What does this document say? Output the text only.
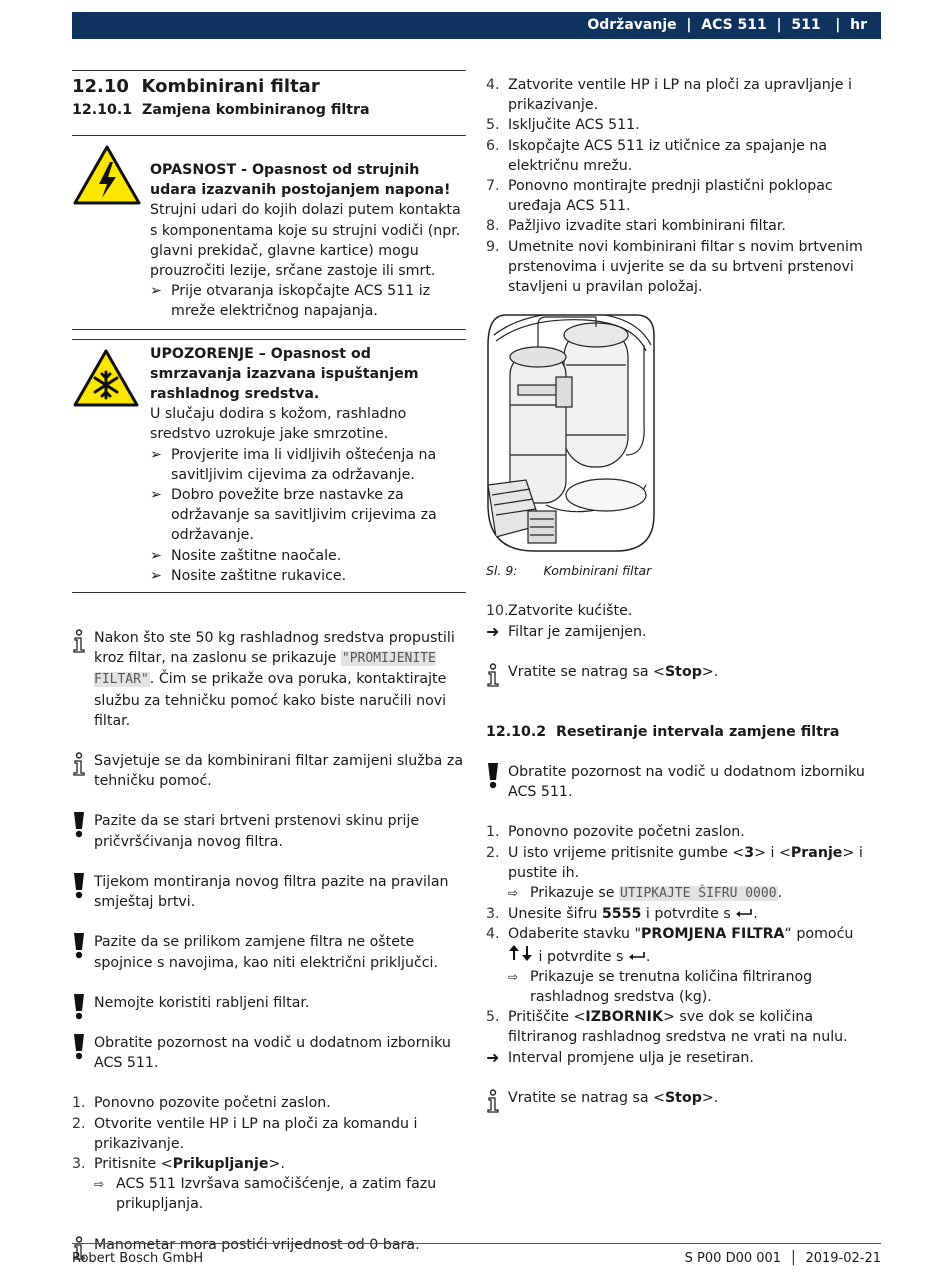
Održavanje  |  ACS 511  |  511   |  hr
12.10 Kombinirani filtar
12.10.1 Zamjena kombiniranog filtra
OPASNOST - Opasnost od strujnih udara izazvanih postojanjem napona!
Strujni udari do kojih dolazi putem kontakta s komponentama koje su strujni vodiči (npr. glavni prekidač, glavne kartice) mogu prouzročiti lezije, srčane zastoje ili smrt.
➢ Prije otvaranja iskopčajte ACS 511 iz mreže električnog napajanja.
UPOZORENJE – Opasnost od smrzavanja izazvana ispuštanjem rashladnog sredstva.
U slučaju dodira s kožom, rashladno sredstvo uzrokuje jake smrzotine.
➢ Provjerite ima li vidljivih oštećenja na savitljivim cijevima za održavanje.
➢ Dobro povežite brze nastavke za održavanje sa savitljivim crijevima za održavanje.
➢ Nosite zaštitne naočale.
➢ Nosite zaštitne rukavice.
Nakon što ste 50 kg rashladnog sredstva propustili kroz filtar, na zaslonu se prikazuje "PROMIJENITE FILTAR". Čim se prikaže ova poruka, kontaktirajte službu za tehničku pomoć kako biste naručili novi filtar.
Savjetuje se da kombinirani filtar zamijeni služba za tehničku pomoć.
Pazite da se stari brtveni prstenovi skinu prije pričvršćivanja novog filtra.
Tijekom montiranja novog filtra pazite na pravilan smještaj brtvi.
Pazite da se prilikom zamjene filtra ne oštete spojnice s navojima, kao niti električni priključci.
Nemojte koristiti rabljeni filtar.
Obratite pozornost na vodič u dodatnom izborniku ACS 511.
1. Ponovno pozovite početni zaslon.
2. Otvorite ventile HP i LP na ploči za komandu i prikazivanje.
3. Pritisnite <Prikupljanje>.
⇨ ACS 511 Izvršava samočišćenje, a zatim fazu prikupljanja.
Manometar mora postići vrijednost od 0 bara.
4. Zatvorite ventile HP i LP na ploči za upravljanje i prikazivanje.
5. Isključite ACS 511.
6. Iskopčajte ACS 511 iz utičnice za spajanje na električnu mrežu.
7. Ponovno montirajte prednji plastični poklopac uređaja ACS 511.
8. Pažljivo izvadite stari kombinirani filtar.
9. Umetnite novi kombinirani filtar s novim brtvenim prstenovima i uvjerite se da su brtveni prstenovi stavljeni u pravilan položaj.
Sl. 9: Kombinirani filtar
10. Zatvorite kućište.
➜ Filtar je zamijenjen.
Vratite se natrag sa <Stop>.
12.10.2 Resetiranje intervala zamjene filtra
Obratite pozornost na vodič u dodatnom izborniku ACS 511.
1. Ponovno pozovite početni zaslon.
2. U isto vrijeme pritisnite gumbe <3> i <Pranje> i pustite ih.
⇨ Prikazuje se UTIPKAJTE ŠIFRU 0000.
3. Unesite šifru 5555 i potvrdite s .
4. Odaberite stavku "PROMJENA FILTRA“ pomoću  i potvrdite s .
⇨ Prikazuje se trenutna količina filtriranog rashladnog sredstva (kg).
5. Pritiščite <IZBORNIK> sve dok se količina filtriranog rashladnog sredstva ne vrati na nulu.
➜ Interval promjene ulja je resetiran.
Vratite se natrag sa <Stop>.
Robert Bosch GmbH	S P00 D00 001  │  2019-02-21
